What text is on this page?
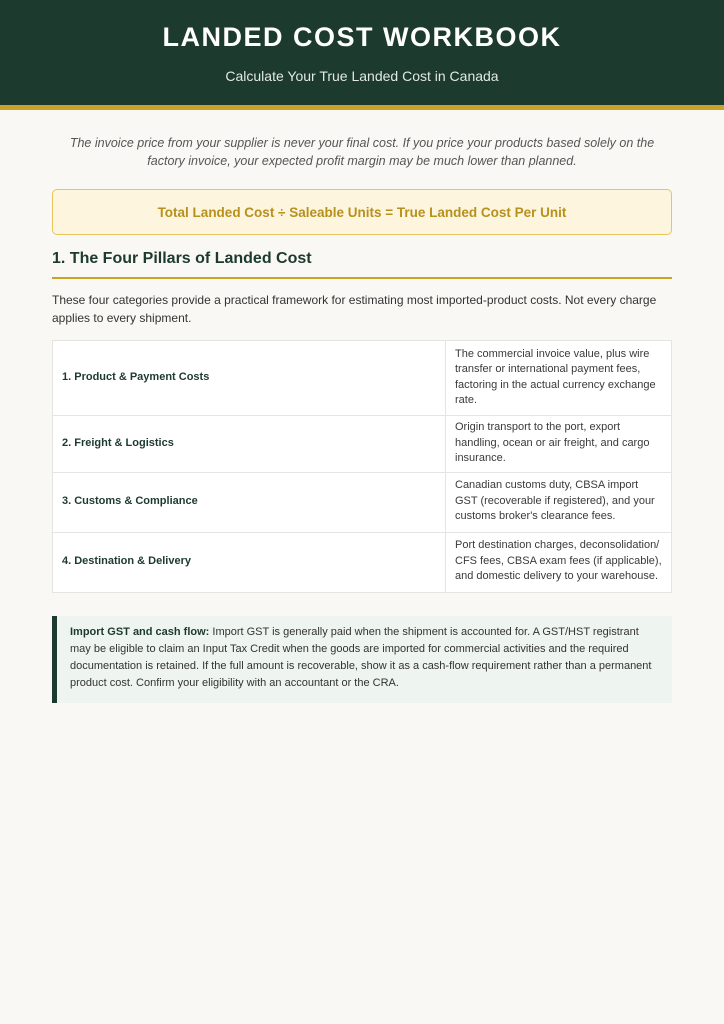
LANDED COST WORKBOOK
Calculate Your True Landed Cost in Canada

The invoice price from your supplier is never your final cost. If you price your products based solely on the factory invoice, your expected profit margin may be much lower than planned.

Total Landed Cost ÷ Saleable Units = True Landed Cost Per Unit
1. The Four Pillars of Landed Cost
These four categories provide a practical framework for estimating most imported-product costs. Not every charge applies to every shipment.
1. Product & Payment Costs	The commercial invoice value, plus wire transfer or international payment fees, factoring in the actual currency exchange rate.
2. Freight & Logistics	Origin transport to the port, export handling, ocean or air freight, and cargo insurance.
3. Customs & Compliance	Canadian customs duty, CBSA import GST (recoverable if registered), and your customs broker's clearance fees.
4. Destination & Delivery	Port destination charges, deconsolidation/ CFS fees, CBSA exam fees (if applicable), and domestic delivery to your warehouse.
Import GST and cash flow: Import GST is generally paid when the shipment is accounted for. A GST/HST registrant may be eligible to claim an Input Tax Credit when the goods are imported for commercial activities and the required documentation is retained. If the full amount is recoverable, show it as a cash-flow requirement rather than a permanent product cost. Confirm your eligibility with an accountant or the CRA.
